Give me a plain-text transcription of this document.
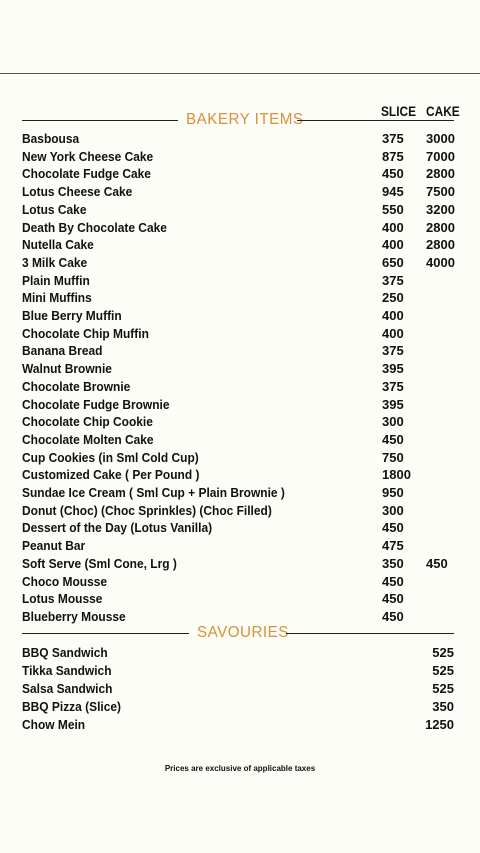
BAKERY ITEMS	SLICE CAKE
Basbousa	375 3000
New York Cheese Cake	875 7000
Chocolate Fudge Cake	450 2800
Lotus Cheese Cake	945 7500
Lotus Cake	550 3200
Death By Chocolate Cake	400 2800
Nutella Cake	400 2800
3 Milk Cake	650 4000
Plain Muffin	375
Mini Muffins	250
Blue Berry Muffin	400
Chocolate Chip Muffin	400
Banana Bread	375
Walnut Brownie	395
Chocolate Brownie	375
Chocolate Fudge Brownie	395
Chocolate Chip Cookie	300
Chocolate Molten Cake	450
Cup Cookies (in Sml Cold Cup)	750
Customized Cake ( Per Pound )	1800
Sundae Ice Cream ( Sml Cup + Plain Brownie )	950
Donut (Choc) (Choc Sprinkles) (Choc Filled)	300
Dessert of the Day (Lotus Vanilla)	450
Peanut Bar	475
Soft Serve (Sml Cone, Lrg )	350 450
Choco Mousse	450
Lotus Mousse	450
Blueberry Mousse	450
SAVOURIES
BBQ Sandwich	525
Tikka Sandwich	525
Salsa Sandwich	525
BBQ Pizza (Slice)	350
Chow Mein	1250
Prices are exclusive of applicable taxes
